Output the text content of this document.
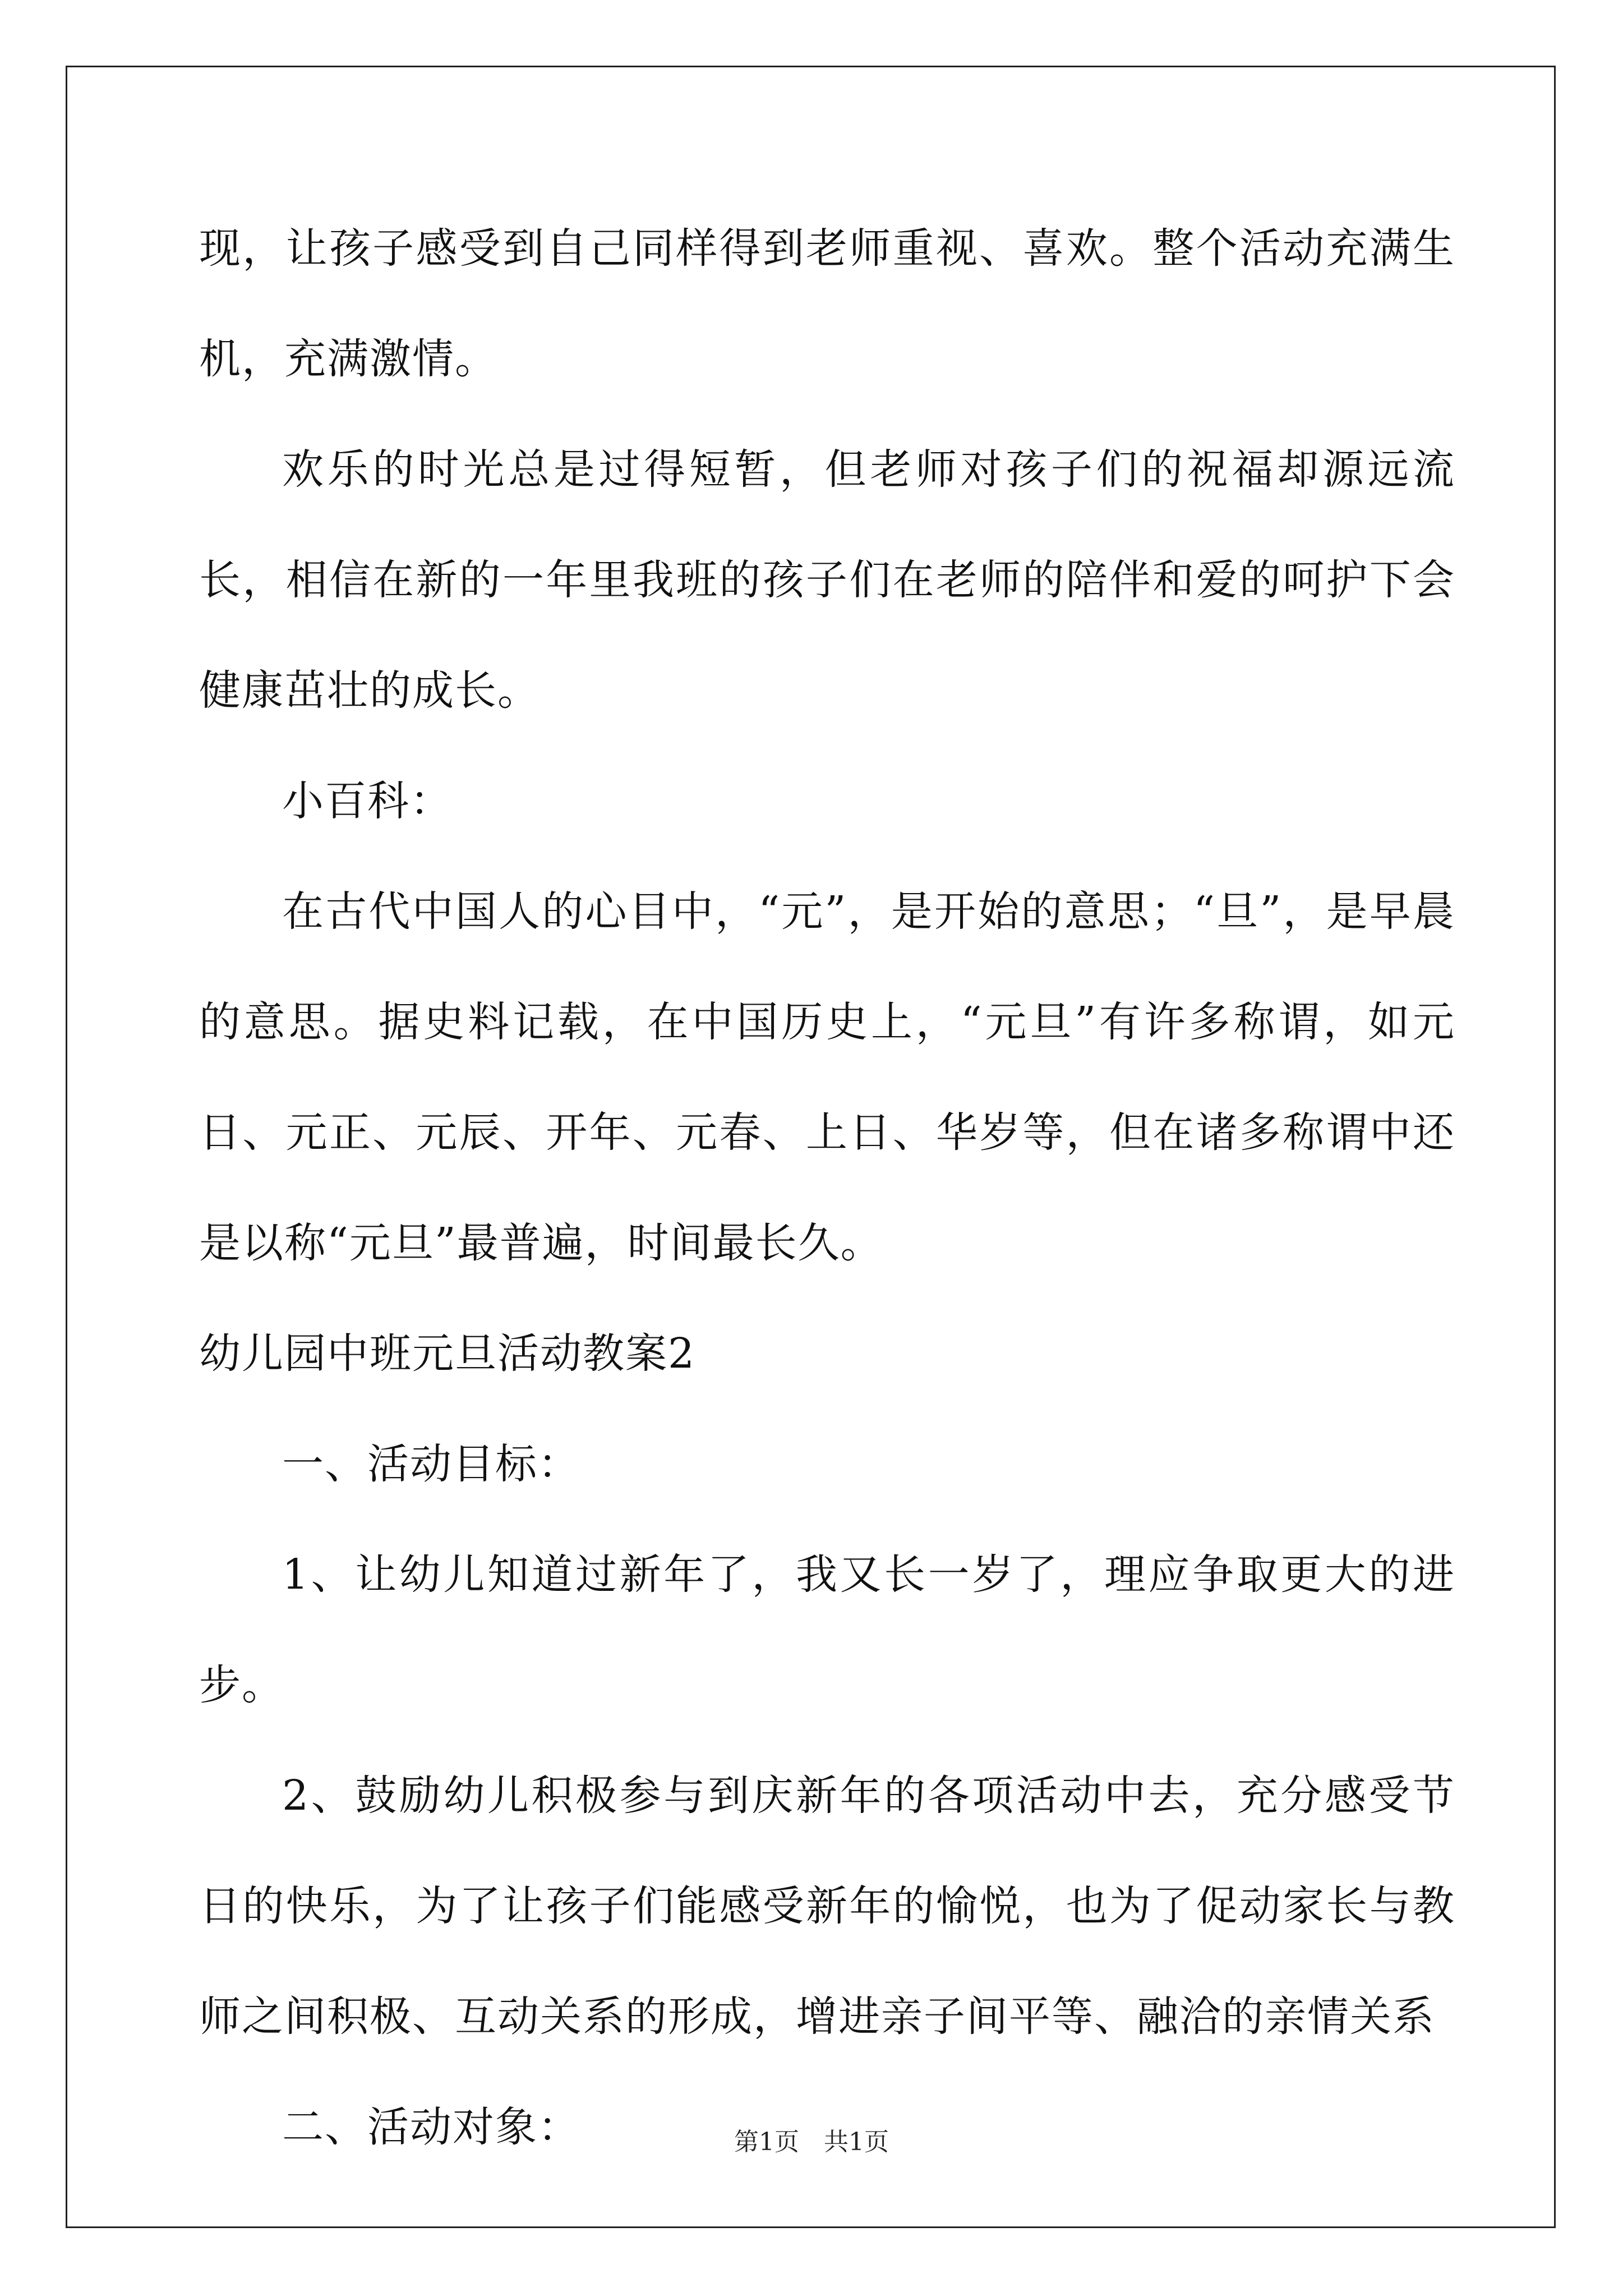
现，让孩子感受到自己同样得到老师重视、喜欢。整个活动充满生机，充满激情。

欢乐的时光总是过得短暂，但老师对孩子们的祝福却源远流长，相信在新的一年里我班的孩子们在老师的陪伴和爱的呵护下会健康茁壮的成长。

小百科：

在古代中国人的心目中，“元”，是开始的意思；“旦”，是早晨的意思。据史料记载，在中国历史上，“元旦”有许多称谓，如元日、元正、元辰、开年、元春、上日、华岁等，但在诸多称谓中还是以称“元旦”最普遍，时间最长久。

幼儿园中班元旦活动教案2

一、活动目标：

1、让幼儿知道过新年了，我又长一岁了，理应争取更大的进步。

2、鼓励幼儿积极参与到庆新年的各项活动中去，充分感受节日的快乐，为了让孩子们能感受新年的愉悦，也为了促动家长与教师之间积极、互动关系的形成，增进亲子间平等、融洽的亲情关系

二、活动对象：	第1页　共1页
